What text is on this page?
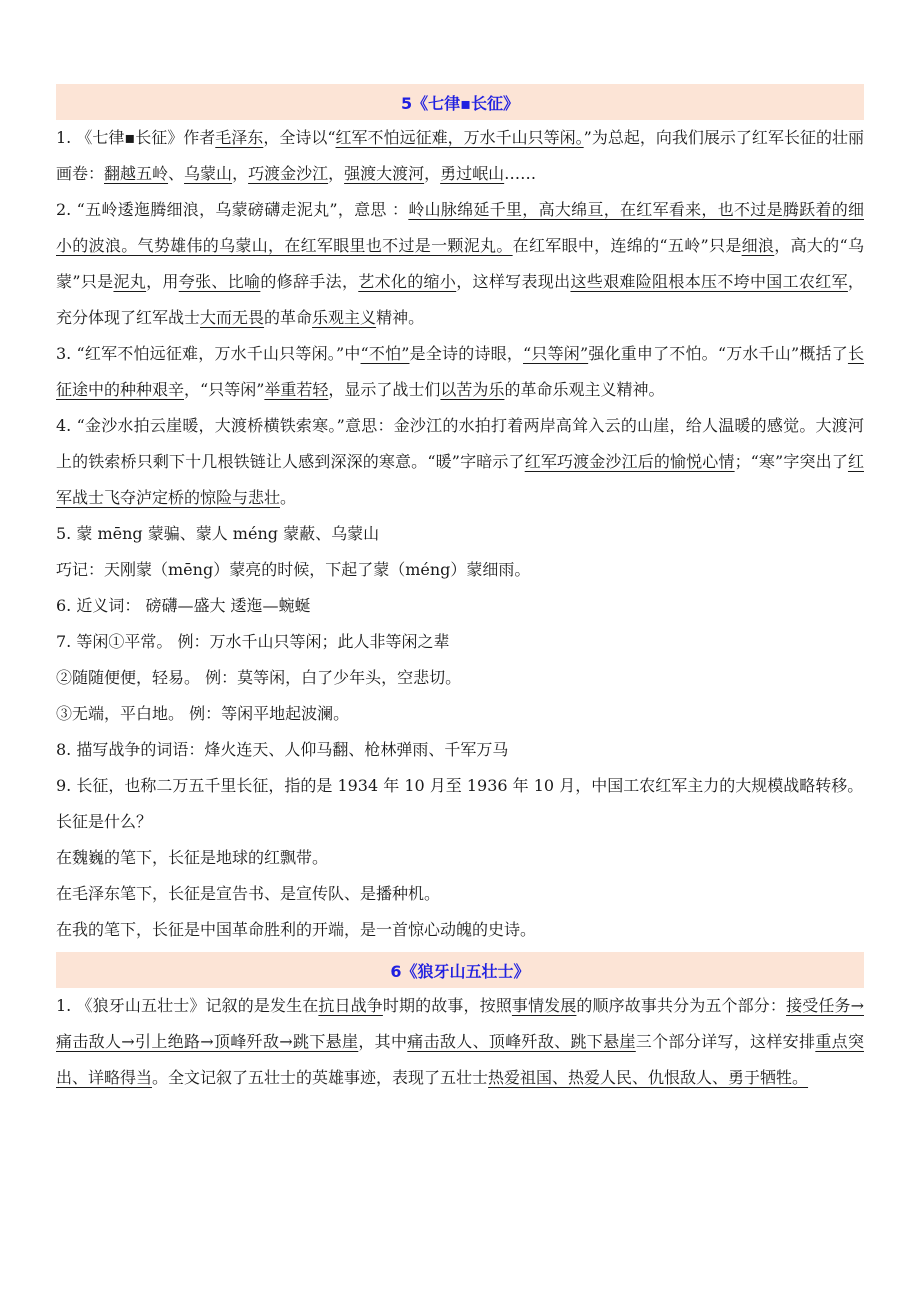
5《七律▪长征》

1. 《七律▪长征》作者毛泽东，全诗以“红军不怕远征难，万水千山只等闲。”为总起，向我们展示了红军长征的壮丽画卷：翻越五岭、乌蒙山，巧渡金沙江，强渡大渡河，勇过岷山……

2. “五岭逶迤腾细浪，乌蒙磅礴走泥丸”，意思 ：岭山脉绵延千里，高大绵亘，在红军看来，也不过是腾跃着的细小的波浪。气势雄伟的乌蒙山，在红军眼里也不过是一颗泥丸。在红军眼中，连绵的“五岭”只是细浪，高大的“乌蒙”只是泥丸，用夸张、比喻的修辞手法，艺术化的缩小，这样写表现出这些艰难险阻根本压不垮中国工农红军，充分体现了红军战士大而无畏的革命乐观主义精神。

3. “红军不怕远征难，万水千山只等闲。”中“不怕”是全诗的诗眼，“只等闲”强化重申了不怕。“万水千山”概括了长征途中的种种艰辛，“只等闲”举重若轻，显示了战士们以苦为乐的革命乐观主义精神。

4. “金沙水拍云崖暖，大渡桥横铁索寒。”意思：金沙江的水拍打着两岸高耸入云的山崖，给人温暖的感觉。大渡河上的铁索桥只剩下十几根铁链让人感到深深的寒意。“暖”字暗示了红军巧渡金沙江后的愉悦心情；“寒”字突出了红军战士飞夺泸定桥的惊险与悲壮。

5. 蒙 mēng 蒙骗、蒙人 méng 蒙蔽、乌蒙山

巧记：天刚蒙（mēng）蒙亮的时候，下起了蒙（méng）蒙细雨。

6. 近义词： 磅礴—盛大 逶迤—蜿蜒

7. 等闲①平常。 例：万水千山只等闲；此人非等闲之辈

②随随便便，轻易。 例：莫等闲，白了少年头，空悲切。

③无端，平白地。 例：等闲平地起波澜。

8. 描写战争的词语：烽火连天、人仰马翻、枪林弹雨、千军万马

9. 长征，也称二万五千里长征，指的是 1934 年 10 月至 1936 年 10 月，中国工农红军主力的大规模战略转移。

长征是什么？

在魏巍的笔下，长征是地球的红飘带。

在毛泽东笔下，长征是宣告书、是宣传队、是播种机。

在我的笔下，长征是中国革命胜利的开端，是一首惊心动魄的史诗。

6《狼牙山五壮士》

1. 《狼牙山五壮士》记叙的是发生在抗日战争时期的故事，按照事情发展的顺序故事共分为五个部分：接受任务→痛击敌人→引上绝路→顶峰歼敌→跳下悬崖，其中痛击敌人、顶峰歼敌、跳下悬崖三个部分详写，这样安排重点突出、详略得当。全文记叙了五壮士的英雄事迹，表现了五壮士热爱祖国、热爱人民、仇恨敌人、勇于牺牲。
